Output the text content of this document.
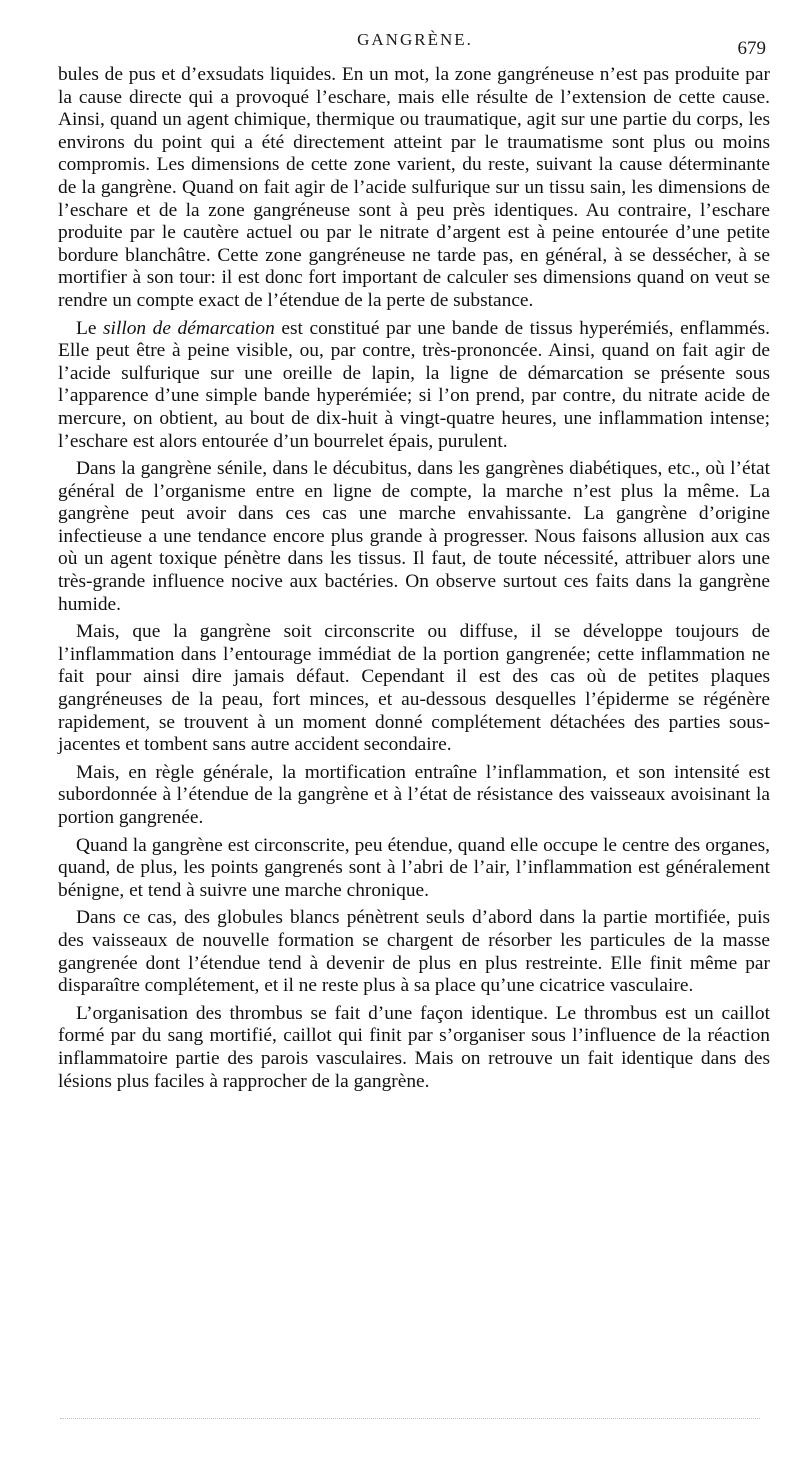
GANGRÈNE.	679

bules de pus et d’exsudats liquides. En un mot, la zone gangréneuse n’est pas produite par la cause directe qui a provoqué l’eschare, mais elle résulte de l’extension de cette cause. Ainsi, quand un agent chimique, thermique ou traumatique, agit sur une partie du corps, les environs du point qui a été directement atteint par le traumatisme sont plus ou moins compromis. Les dimensions de cette zone varient, du reste, suivant la cause déterminante de la gangrène. Quand on fait agir de l’acide sulfurique sur un tissu sain, les dimensions de l’eschare et de la zone gangréneuse sont à peu près identiques. Au contraire, l’eschare produite par le cautère actuel ou par le nitrate d’argent est à peine entourée d’une petite bordure blanchâtre. Cette zone gangréneuse ne tarde pas, en général, à se dessécher, à se mortifier à son tour: il est donc fort important de calculer ses dimensions quand on veut se rendre un compte exact de l’étendue de la perte de substance.

Le sillon de démarcation est constitué par une bande de tissus hyperémiés, enflammés. Elle peut être à peine visible, ou, par contre, très-prononcée. Ainsi, quand on fait agir de l’acide sulfurique sur une oreille de lapin, la ligne de démarcation se présente sous l’apparence d’une simple bande hyperémiée; si l’on prend, par contre, du nitrate acide de mercure, on obtient, au bout de dix-huit à vingt-quatre heures, une inflammation intense; l’eschare est alors entourée d’un bourrelet épais, purulent.

Dans la gangrène sénile, dans le décubitus, dans les gangrènes diabétiques, etc., où l’état général de l’organisme entre en ligne de compte, la marche n’est plus la même. La gangrène peut avoir dans ces cas une marche envahissante. La gangrène d’origine infectieuse a une tendance encore plus grande à progresser. Nous faisons allusion aux cas où un agent toxique pénètre dans les tissus. Il faut, de toute nécessité, attribuer alors une très-grande influence nocive aux bactéries. On observe surtout ces faits dans la gangrène humide.

Mais, que la gangrène soit circonscrite ou diffuse, il se développe toujours de l’inflammation dans l’entourage immédiat de la portion gangrenée; cette inflammation ne fait pour ainsi dire jamais défaut. Cependant il est des cas où de petites plaques gangréneuses de la peau, fort minces, et au-dessous desquelles l’épiderme se régénère rapidement, se trouvent à un moment donné complétement détachées des parties sous-jacentes et tombent sans autre accident secondaire.

Mais, en règle générale, la mortification entraîne l’inflammation, et son intensité est subordonnée à l’étendue de la gangrène et à l’état de résistance des vaisseaux avoisinant la portion gangrenée.

Quand la gangrène est circonscrite, peu étendue, quand elle occupe le centre des organes, quand, de plus, les points gangrenés sont à l’abri de l’air, l’inflammation est généralement bénigne, et tend à suivre une marche chronique.

Dans ce cas, des globules blancs pénètrent seuls d’abord dans la partie mortifiée, puis des vaisseaux de nouvelle formation se chargent de résorber les particules de la masse gangrenée dont l’étendue tend à devenir de plus en plus restreinte. Elle finit même par disparaître complétement, et il ne reste plus à sa place qu’une cicatrice vasculaire.

L’organisation des thrombus se fait d’une façon identique. Le thrombus est un caillot formé par du sang mortifié, caillot qui finit par s’organiser sous l’influence de la réaction inflammatoire partie des parois vasculaires. Mais on retrouve un fait identique dans des lésions plus faciles à rapprocher de la gangrène.
